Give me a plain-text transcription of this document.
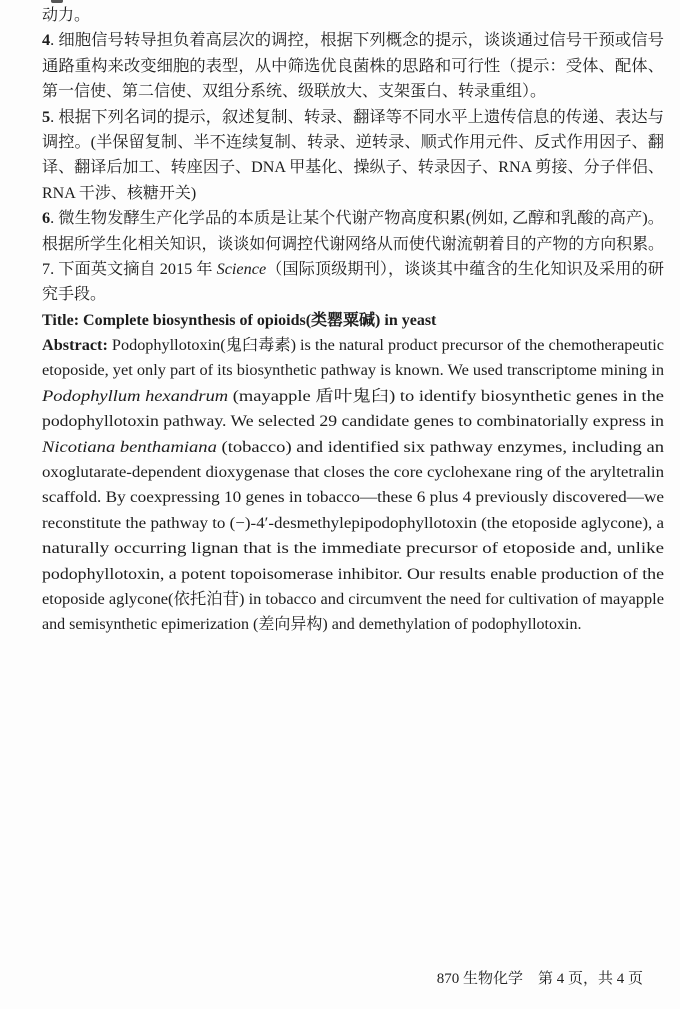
动力。
4. 细胞信号转导担负着高层次的调控，根据下列概念的提示，谈谈通过信号干预或信号
通路重构来改变细胞的表型，从中筛选优良菌株的思路和可行性（提示：受体、配体、
第一信使、第二信使、双组分系统、级联放大、支架蛋白、转录重组）。
5. 根据下列名词的提示，叙述复制、转录、翻译等不同水平上遗传信息的传递、表达与
调控。(半保留复制、半不连续复制、转录、逆转录、顺式作用元件、反式作用因子、翻
译、翻译后加工、转座因子、DNA 甲基化、操纵子、转录因子、RNA 剪接、分子伴侣、
RNA 干涉、核糖开关)
6. 微生物发酵生产化学品的本质是让某个代谢产物高度积累(例如, 乙醇和乳酸的高产)。
根据所学生化相关知识，谈谈如何调控代谢网络从而使代谢流朝着目的产物的方向积累。
7. 下面英文摘自 2015 年 Science（国际顶级期刊），谈谈其中蕴含的生化知识及采用的研
究手段。
Title: Complete biosynthesis of opioids(类罂粟碱) in yeast
Abstract: Podophyllotoxin(鬼臼毒素) is the natural product precursor of the chemotherapeutic
etoposide, yet only part of its biosynthetic pathway is known. We used transcriptome mining in
Podophyllum hexandrum (mayapple 盾叶鬼臼) to identify biosynthetic genes in the
podophyllotoxin pathway. We selected 29 candidate genes to combinatorially express in
Nicotiana benthamiana (tobacco) and identified six pathway enzymes, including an
oxoglutarate-dependent dioxygenase that closes the core cyclohexane ring of the aryltetralin
scaffold. By coexpressing 10 genes in tobacco—these 6 plus 4 previously discovered—we
reconstitute the pathway to (−)-4′-desmethylepipodophyllotoxin (the etoposide aglycone), a
naturally occurring lignan that is the immediate precursor of etoposide and, unlike
podophyllotoxin, a potent topoisomerase inhibitor. Our results enable production of the
etoposide aglycone(依托泊苷) in tobacco and circumvent the need for cultivation of mayapple
and semisynthetic epimerization (差向异构) and demethylation of podophyllotoxin.
870 生物化学 第 4 页，共 4 页
